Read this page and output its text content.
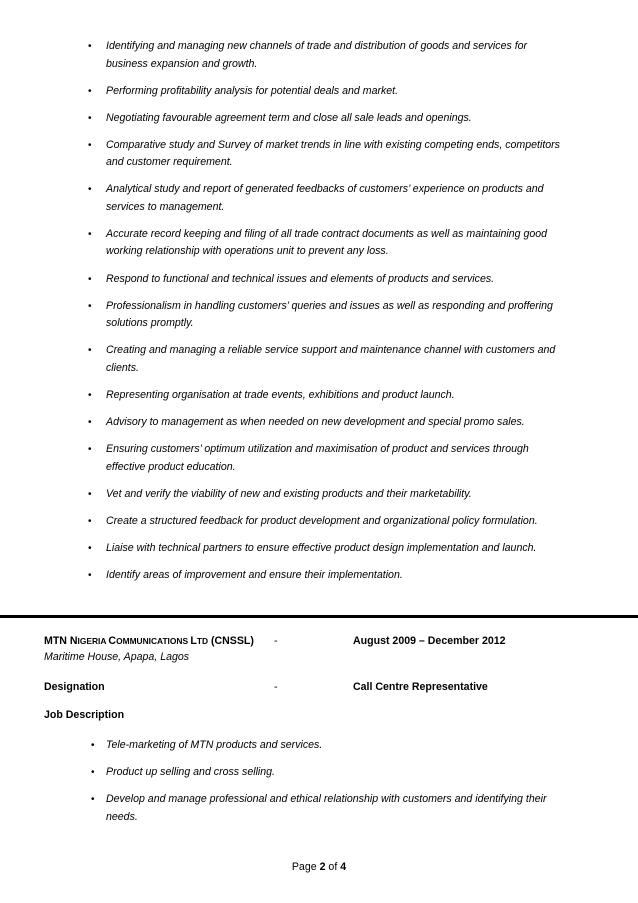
• Identifying and managing new channels of trade and distribution of goods and services for business expansion and growth.
• Performing profitability analysis for potential deals and market.
• Negotiating favourable agreement term and close all sale leads and openings.
• Comparative study and Survey of market trends in line with existing competing ends, competitors and customer requirement.
• Analytical study and report of generated feedbacks of customers’ experience on products and services to management.
• Accurate record keeping and filing of all trade contract documents as well as maintaining good working relationship with operations unit to prevent any loss.
• Respond to functional and technical issues and elements of products and services.
• Professionalism in handling customers’ queries and issues as well as responding and proffering solutions promptly.
• Creating and managing a reliable service support and maintenance channel with customers and clients.
• Representing organisation at trade events, exhibitions and product launch.
• Advisory to management as when needed on new development and special promo sales.
• Ensuring customers’ optimum utilization and maximisation of product and services through effective product education.
• Vet and verify the viability of new and existing products and their marketability.
• Create a structured feedback for product development and organizational policy formulation.
• Liaise with technical partners to ensure effective product design implementation and launch.
• Identify areas of improvement and ensure their implementation.
MTN NIGERIA COMMUNICATIONS LTD (CNSSL) -	August 2009 – December 2012
Maritime House, Apapa, Lagos
Designation	-	Call Centre Representative
Job Description
• Tele-marketing of MTN products and services.
• Product up selling and cross selling.
• Develop and manage professional and ethical relationship with customers and identifying their needs.
Page 2 of 4
